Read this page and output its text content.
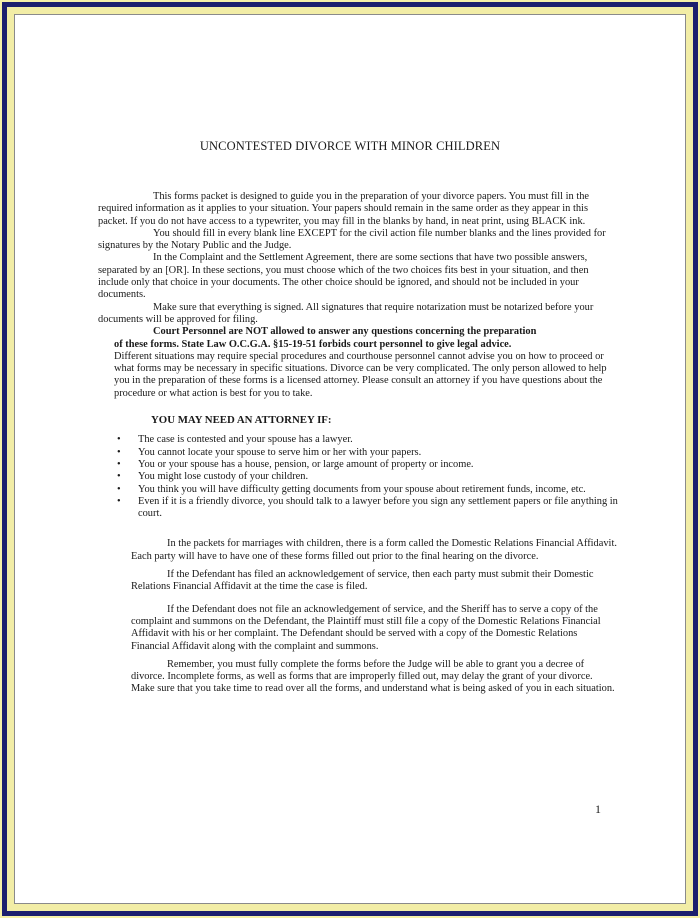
UNCONTESTED DIVORCE WITH MINOR CHILDREN

This forms packet is designed to guide you in the preparation of your divorce papers. You must fill in the required information as it applies to your situation. Your papers should remain in the same order as they appear in this packet. If you do not have access to a typewriter, you may fill in the blanks by hand, in neat print, using BLACK ink.

You should fill in every blank line EXCEPT for the civil action file number blanks and the lines provided for signatures by the Notary Public and the Judge.

In the Complaint and the Settlement Agreement, there are some sections that have two possible answers, separated by an [OR]. In these sections, you must choose which of the two choices fits best in your situation, and then include only that choice in your documents. The other choice should be ignored, and should not be included in your documents.

Make sure that everything is signed. All signatures that require notarization must be notarized before your documents will be approved for filing.

Court Personnel are NOT allowed to answer any questions concerning the preparation

of these forms. State Law O.C.G.A. §15-19-51 forbids court personnel to give legal advice.

Different situations may require special procedures and courthouse personnel cannot advise you on how to proceed or what forms may be necessary in specific situations. Divorce can be very complicated. The only person allowed to help you in the preparation of these forms is a licensed attorney. Please consult an attorney if you have questions about the procedure or what action is best for you to take.

YOU MAY NEED AN ATTORNEY IF:

• The case is contested and your spouse has a lawyer.
• You cannot locate your spouse to serve him or her with your papers.
• You or your spouse has a house, pension, or large amount of property or income.
• You might lose custody of your children.
• You think you will have difficulty getting documents from your spouse about retirement funds, income, etc.
• Even if it is a friendly divorce, you should talk to a lawyer before you sign any settlement papers or file anything in court.

In the packets for marriages with children, there is a form called the Domestic Relations Financial Affidavit. Each party will have to have one of these forms filled out prior to the final hearing on the divorce.

If the Defendant has filed an acknowledgement of service, then each party must submit their Domestic Relations Financial Affidavit at the time the case is filed.

If the Defendant does not file an acknowledgement of service, and the Sheriff has to serve a copy of the complaint and summons on the Defendant, the Plaintiff must still file a copy of the Domestic Relations Financial Affidavit with his or her complaint. The Defendant should be served with a copy of the Domestic Relations Financial Affidavit along with the complaint and summons.

Remember, you must fully complete the forms before the Judge will be able to grant you a decree of divorce. Incomplete forms, as well as forms that are improperly filled out, may delay the grant of your divorce. Make sure that you take time to read over all the forms, and understand what is being asked of you in each situation.

1
